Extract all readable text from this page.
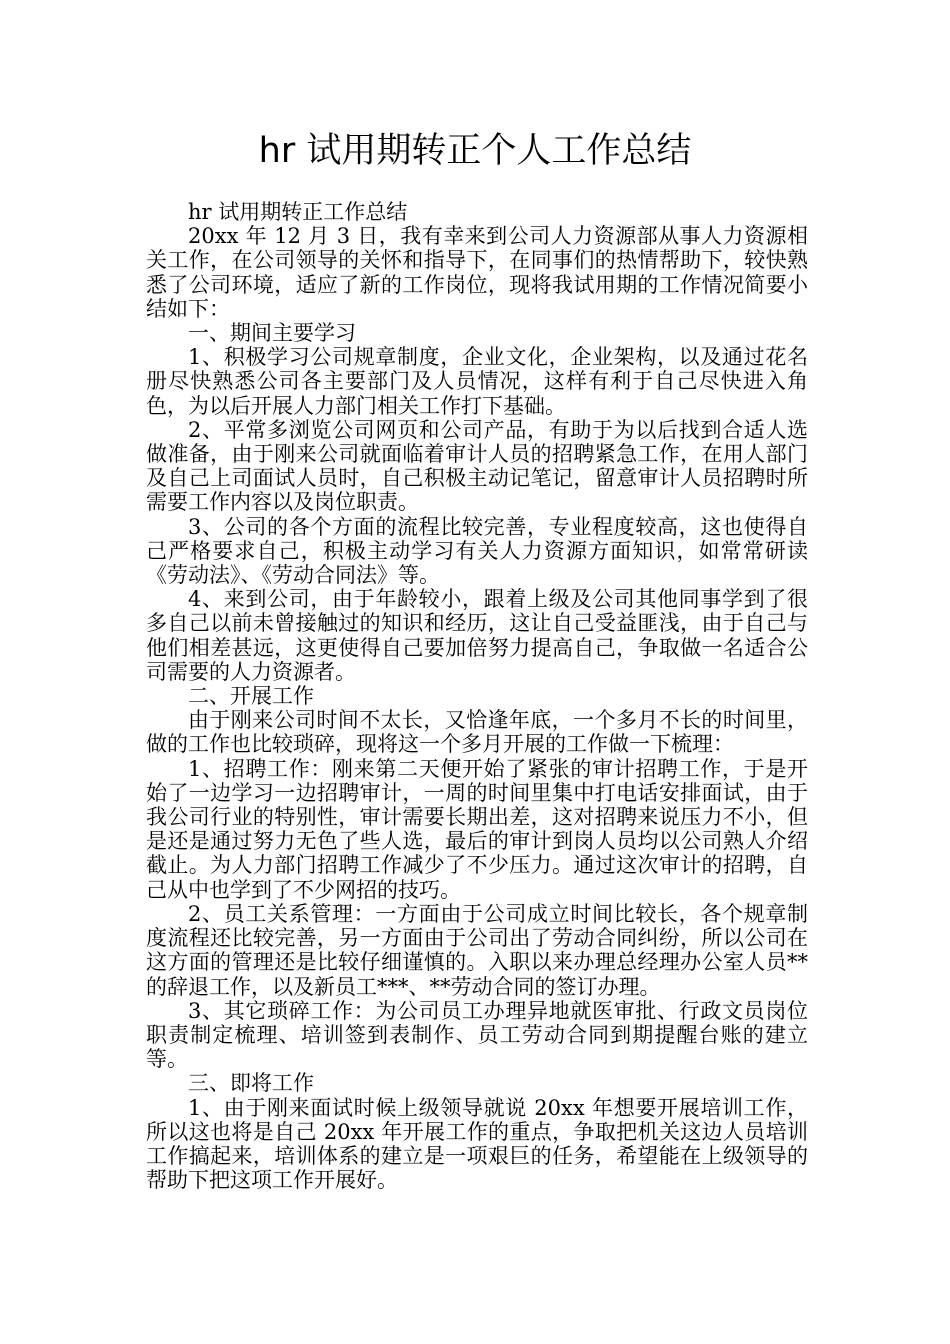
hr 试用期转正个人工作总结

hr 试用期转正工作总结

20xx 年 12 月 3 日，我有幸来到公司人力资源部从事人力资源相关工作，在公司领导的关怀和指导下，在同事们的热情帮助下，较快熟悉了公司环境，适应了新的工作岗位，现将我试用期的工作情况简要小结如下：

一、期间主要学习

1、积极学习公司规章制度，企业文化，企业架构，以及通过花名册尽快熟悉公司各主要部门及人员情况，这样有利于自己尽快进入角色，为以后开展人力部门相关工作打下基础。

2、平常多浏览公司网页和公司产品，有助于为以后找到合适人选做准备，由于刚来公司就面临着审计人员的招聘紧急工作，在用人部门及自己上司面试人员时，自己积极主动记笔记，留意审计人员招聘时所需要工作内容以及岗位职责。

3、公司的各个方面的流程比较完善，专业程度较高，这也使得自己严格要求自己，积极主动学习有关人力资源方面知识，如常常研读《劳动法》、《劳动合同法》等。

4、来到公司，由于年龄较小，跟着上级及公司其他同事学到了很多自己以前未曾接触过的知识和经历，这让自己受益匪浅，由于自己与他们相差甚远，这更使得自己要加倍努力提高自己，争取做一名适合公司需要的人力资源者。

二、开展工作

由于刚来公司时间不太长，又恰逢年底，一个多月不长的时间里，做的工作也比较琐碎，现将这一个多月开展的工作做一下梳理：

1、招聘工作：刚来第二天便开始了紧张的审计招聘工作，于是开始了一边学习一边招聘审计，一周的时间里集中打电话安排面试，由于我公司行业的特别性，审计需要长期出差，这对招聘来说压力不小，但是还是通过努力无色了些人选，最后的审计到岗人员均以公司熟人介绍截止。为人力部门招聘工作减少了不少压力。通过这次审计的招聘，自己从中也学到了不少网招的技巧。

2、员工关系管理：一方面由于公司成立时间比较长，各个规章制度流程还比较完善，另一方面由于公司出了劳动合同纠纷，所以公司在这方面的管理还是比较仔细谨慎的。入职以来办理总经理办公室人员**的辞退工作，以及新员工***、**劳动合同的签订办理。

3、其它琐碎工作：为公司员工办理异地就医审批、行政文员岗位职责制定梳理、培训签到表制作、员工劳动合同到期提醒台账的建立等。

三、即将工作

1、由于刚来面试时候上级领导就说 20xx 年想要开展培训工作，所以这也将是自己 20xx 年开展工作的重点，争取把机关这边人员培训工作搞起来，培训体系的建立是一项艰巨的任务，希望能在上级领导的帮助下把这项工作开展好。
